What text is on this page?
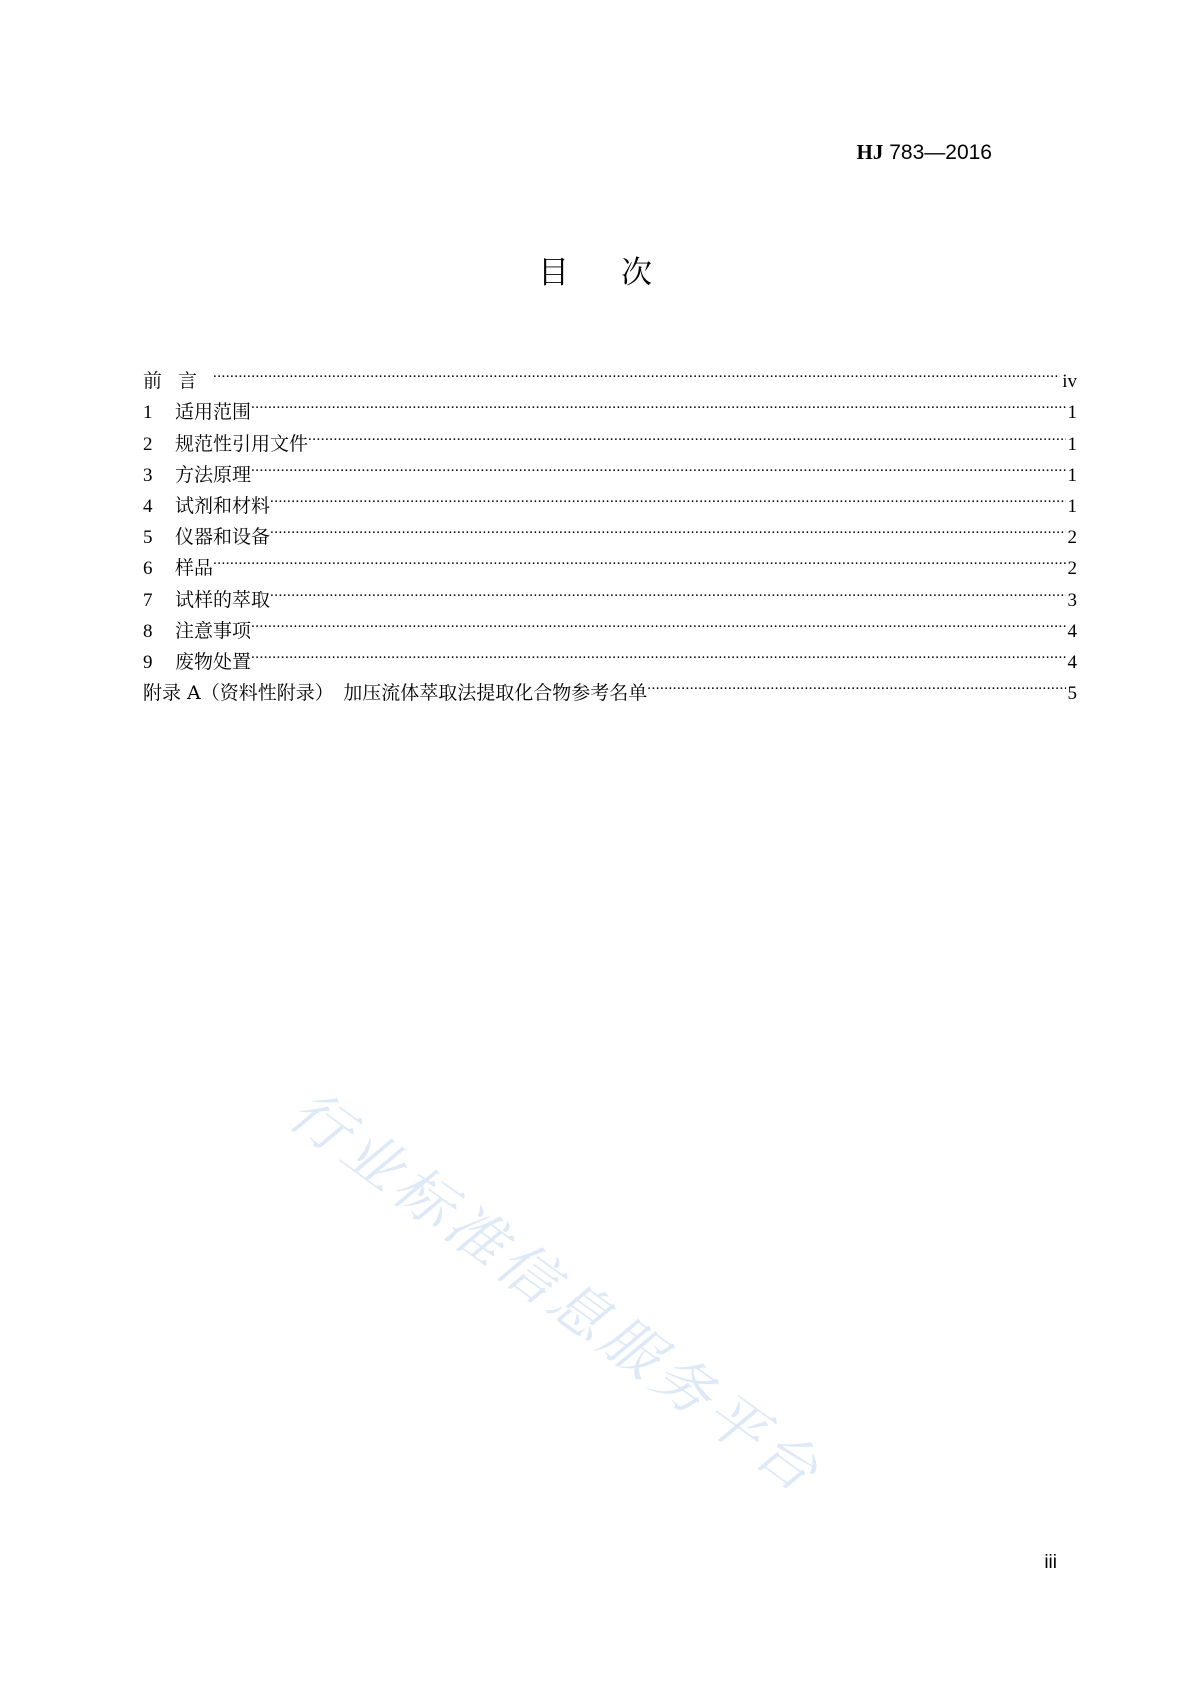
HJ 783—2016
目次
前言 .....	iv
1	适用范围 .....	1
2	规范性引用文件 .....	1
3	方法原理 .....	1
4	试剂和材料 .....	1
5	仪器和设备 .....	2
6	样品 .....	2
7	试样的萃取 .....	3
8	注意事项 .....	4
9	废物处置 .....	4
附录 A（资料性附录）　加压流体萃取法提取化合物参考名单 .....	5
行业标准信息服务平台
iii
